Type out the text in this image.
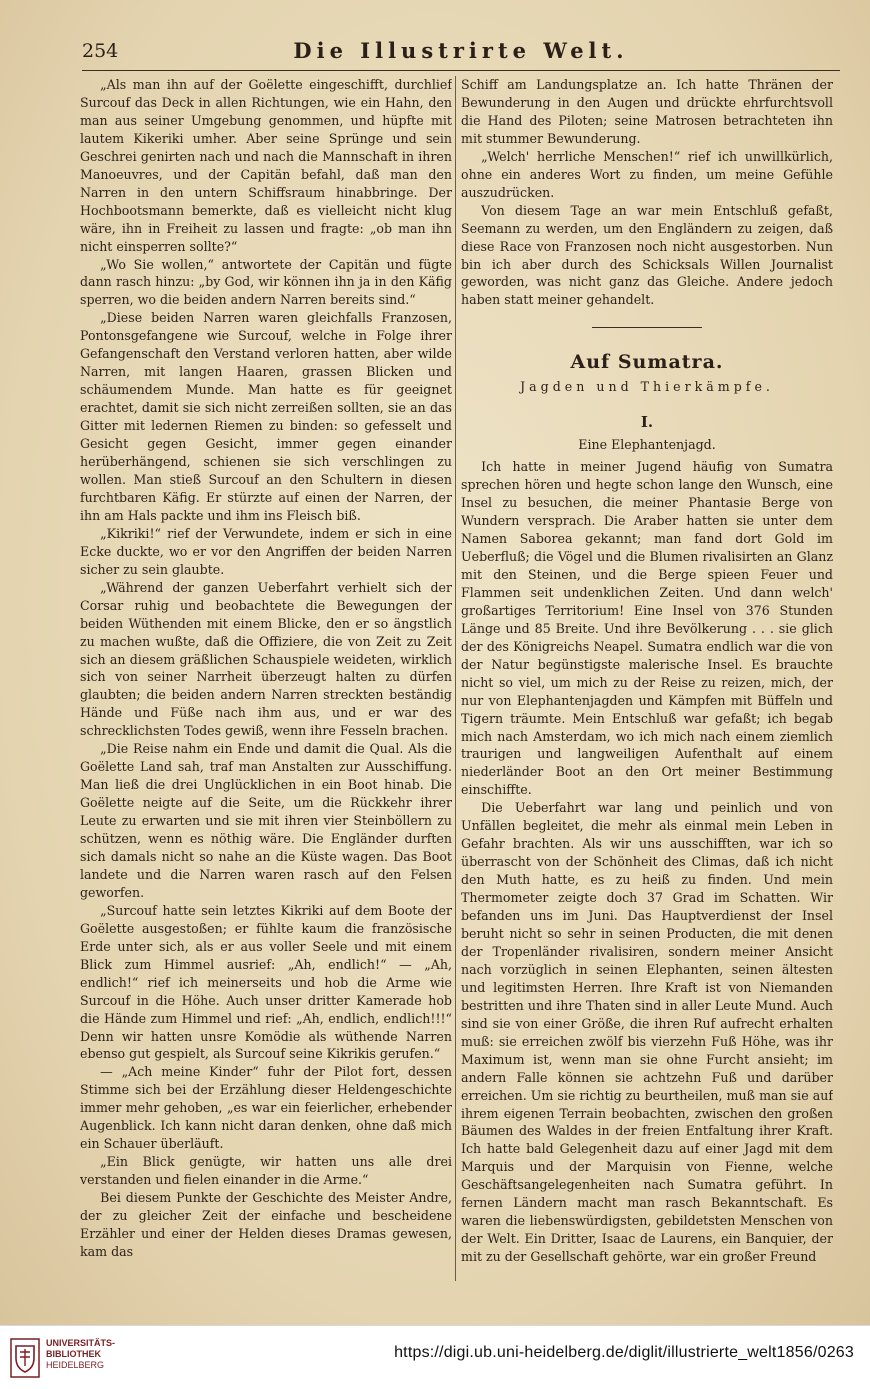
254	Die Illustrirte Welt.

„Als man ihn auf der Goëlette eingeschifft, durchlief Surcouf das Deck in allen Richtungen, wie ein Hahn, den man aus seiner Umgebung genommen, und hüpfte mit lautem Kikeriki umher. Aber seine Sprünge und sein Geschrei genirten nach und nach die Mannschaft in ihren Manoeuvres, und der Capitän befahl, daß man den Narren in den untern Schiffsraum hinabbringe. Der Hochbootsmann bemerkte, daß es vielleicht nicht klug wäre, ihn in Freiheit zu lassen und fragte: „ob man ihn nicht einsperren sollte?“

„Wo Sie wollen,“ antwortete der Capitän und fügte dann rasch hinzu: „by God, wir können ihn ja in den Käfig sperren, wo die beiden andern Narren bereits sind.“

„Diese beiden Narren waren gleichfalls Franzosen, Pontonsgefangene wie Surcouf, welche in Folge ihrer Gefangenschaft den Verstand verloren hatten, aber wilde Narren, mit langen Haaren, grassen Blicken und schäumendem Munde. Man hatte es für geeignet erachtet, damit sie sich nicht zerreißen sollten, sie an das Gitter mit ledernen Riemen zu binden: so gefesselt und Gesicht gegen Gesicht, immer gegen einander herüberhängend, schienen sie sich verschlingen zu wollen. Man stieß Surcouf an den Schultern in diesen furchtbaren Käfig. Er stürzte auf einen der Narren, der ihn am Hals packte und ihm ins Fleisch biß.

„Kikriki!“ rief der Verwundete, indem er sich in eine Ecke duckte, wo er vor den Angriffen der beiden Narren sicher zu sein glaubte.

„Während der ganzen Ueberfahrt verhielt sich der Corsar ruhig und beobachtete die Bewegungen der beiden Wüthenden mit einem Blicke, den er so ängstlich zu machen wußte, daß die Offiziere, die von Zeit zu Zeit sich an diesem gräßlichen Schauspiele weideten, wirklich sich von seiner Narrheit überzeugt halten zu dürfen glaubten; die beiden andern Narren streckten beständig Hände und Füße nach ihm aus, und er war des schrecklichsten Todes gewiß, wenn ihre Fesseln brachen.

„Die Reise nahm ein Ende und damit die Qual. Als die Goëlette Land sah, traf man Anstalten zur Ausschiffung. Man ließ die drei Unglücklichen in ein Boot hinab. Die Goëlette neigte auf die Seite, um die Rückkehr ihrer Leute zu erwarten und sie mit ihren vier Steinböllern zu schützen, wenn es nöthig wäre. Die Engländer durften sich damals nicht so nahe an die Küste wagen. Das Boot landete und die Narren waren rasch auf den Felsen geworfen.

„Surcouf hatte sein letztes Kikriki auf dem Boote der Goëlette ausgestoßen; er fühlte kaum die französische Erde unter sich, als er aus voller Seele und mit einem Blick zum Himmel ausrief: „Ah, endlich!“ — „Ah, endlich!“ rief ich meinerseits und hob die Arme wie Surcouf in die Höhe. Auch unser dritter Kamerade hob die Hände zum Himmel und rief: „Ah, endlich, endlich!!!“ Denn wir hatten unsre Komödie als wüthende Narren ebenso gut gespielt, als Surcouf seine Kikrikis gerufen.“

— „Ach meine Kinder“ fuhr der Pilot fort, dessen Stimme sich bei der Erzählung dieser Heldengeschichte immer mehr gehoben, „es war ein feierlicher, erhebender Augenblick. Ich kann nicht daran denken, ohne daß mich ein Schauer überläuft.

„Ein Blick genügte, wir hatten uns alle drei verstanden und fielen einander in die Arme.“

Bei diesem Punkte der Geschichte des Meister Andre, der zu gleicher Zeit der einfache und bescheidene Erzähler und einer der Helden dieses Dramas gewesen, kam das

Schiff am Landungsplatze an. Ich hatte Thränen der Bewunderung in den Augen und drückte ehrfurchtsvoll die Hand des Piloten; seine Matrosen betrachteten ihn mit stummer Bewunderung.

„Welch' herrliche Menschen!“ rief ich unwillkürlich, ohne ein anderes Wort zu finden, um meine Gefühle auszudrücken.

Von diesem Tage an war mein Entschluß gefaßt, Seemann zu werden, um den Engländern zu zeigen, daß diese Race von Franzosen noch nicht ausgestorben. Nun bin ich aber durch des Schicksals Willen Journalist geworden, was nicht ganz das Gleiche. Andere jedoch haben statt meiner gehandelt.

Auf Sumatra.
Jagden und Thierkämpfe.
I.
Eine Elephantenjagd.

Ich hatte in meiner Jugend häufig von Sumatra sprechen hören und hegte schon lange den Wunsch, eine Insel zu besuchen, die meiner Phantasie Berge von Wundern versprach. Die Araber hatten sie unter dem Namen Saborea gekannt; man fand dort Gold im Ueberfluß; die Vögel und die Blumen rivalisirten an Glanz mit den Steinen, und die Berge spieen Feuer und Flammen seit undenklichen Zeiten. Und dann welch' großartiges Territorium! Eine Insel von 376 Stunden Länge und 85 Breite. Und ihre Bevölkerung . . . sie glich der des Königreichs Neapel. Sumatra endlich war die von der Natur begünstigste malerische Insel. Es brauchte nicht so viel, um mich zu der Reise zu reizen, mich, der nur von Elephantenjagden und Kämpfen mit Büffeln und Tigern träumte. Mein Entschluß war gefaßt; ich begab mich nach Amsterdam, wo ich mich nach einem ziemlich traurigen und langweiligen Aufenthalt auf einem niederländer Boot an den Ort meiner Bestimmung einschiffte.

Die Ueberfahrt war lang und peinlich und von Unfällen begleitet, die mehr als einmal mein Leben in Gefahr brachten. Als wir uns ausschifften, war ich so überrascht von der Schönheit des Climas, daß ich nicht den Muth hatte, es zu heiß zu finden. Und mein Thermometer zeigte doch 37 Grad im Schatten. Wir befanden uns im Juni. Das Hauptverdienst der Insel beruht nicht so sehr in seinen Producten, die mit denen der Tropenländer rivalisiren, sondern meiner Ansicht nach vorzüglich in seinen Elephanten, seinen ältesten und legitimsten Herren. Ihre Kraft ist von Niemanden bestritten und ihre Thaten sind in aller Leute Mund. Auch sind sie von einer Größe, die ihren Ruf aufrecht erhalten muß: sie erreichen zwölf bis vierzehn Fuß Höhe, was ihr Maximum ist, wenn man sie ohne Furcht ansieht; im andern Falle können sie achtzehn Fuß und darüber erreichen. Um sie richtig zu beurtheilen, muß man sie auf ihrem eigenen Terrain beobachten, zwischen den großen Bäumen des Waldes in der freien Entfaltung ihrer Kraft. Ich hatte bald Gelegenheit dazu auf einer Jagd mit dem Marquis und der Marquisin von Fienne, welche Geschäftsangelegenheiten nach Sumatra geführt. In fernen Ländern macht man rasch Bekanntschaft. Es waren die liebenswürdigsten, gebildetsten Menschen von der Welt. Ein Dritter, Isaac de Laurens, ein Banquier, der mit zu der Gesellschaft gehörte, war ein großer Freund

UNIVERSITÄTS-
BIBLIOTHEK
HEIDELBERG
https://digi.ub.uni-heidelberg.de/diglit/illustrierte_welt1856/0263
